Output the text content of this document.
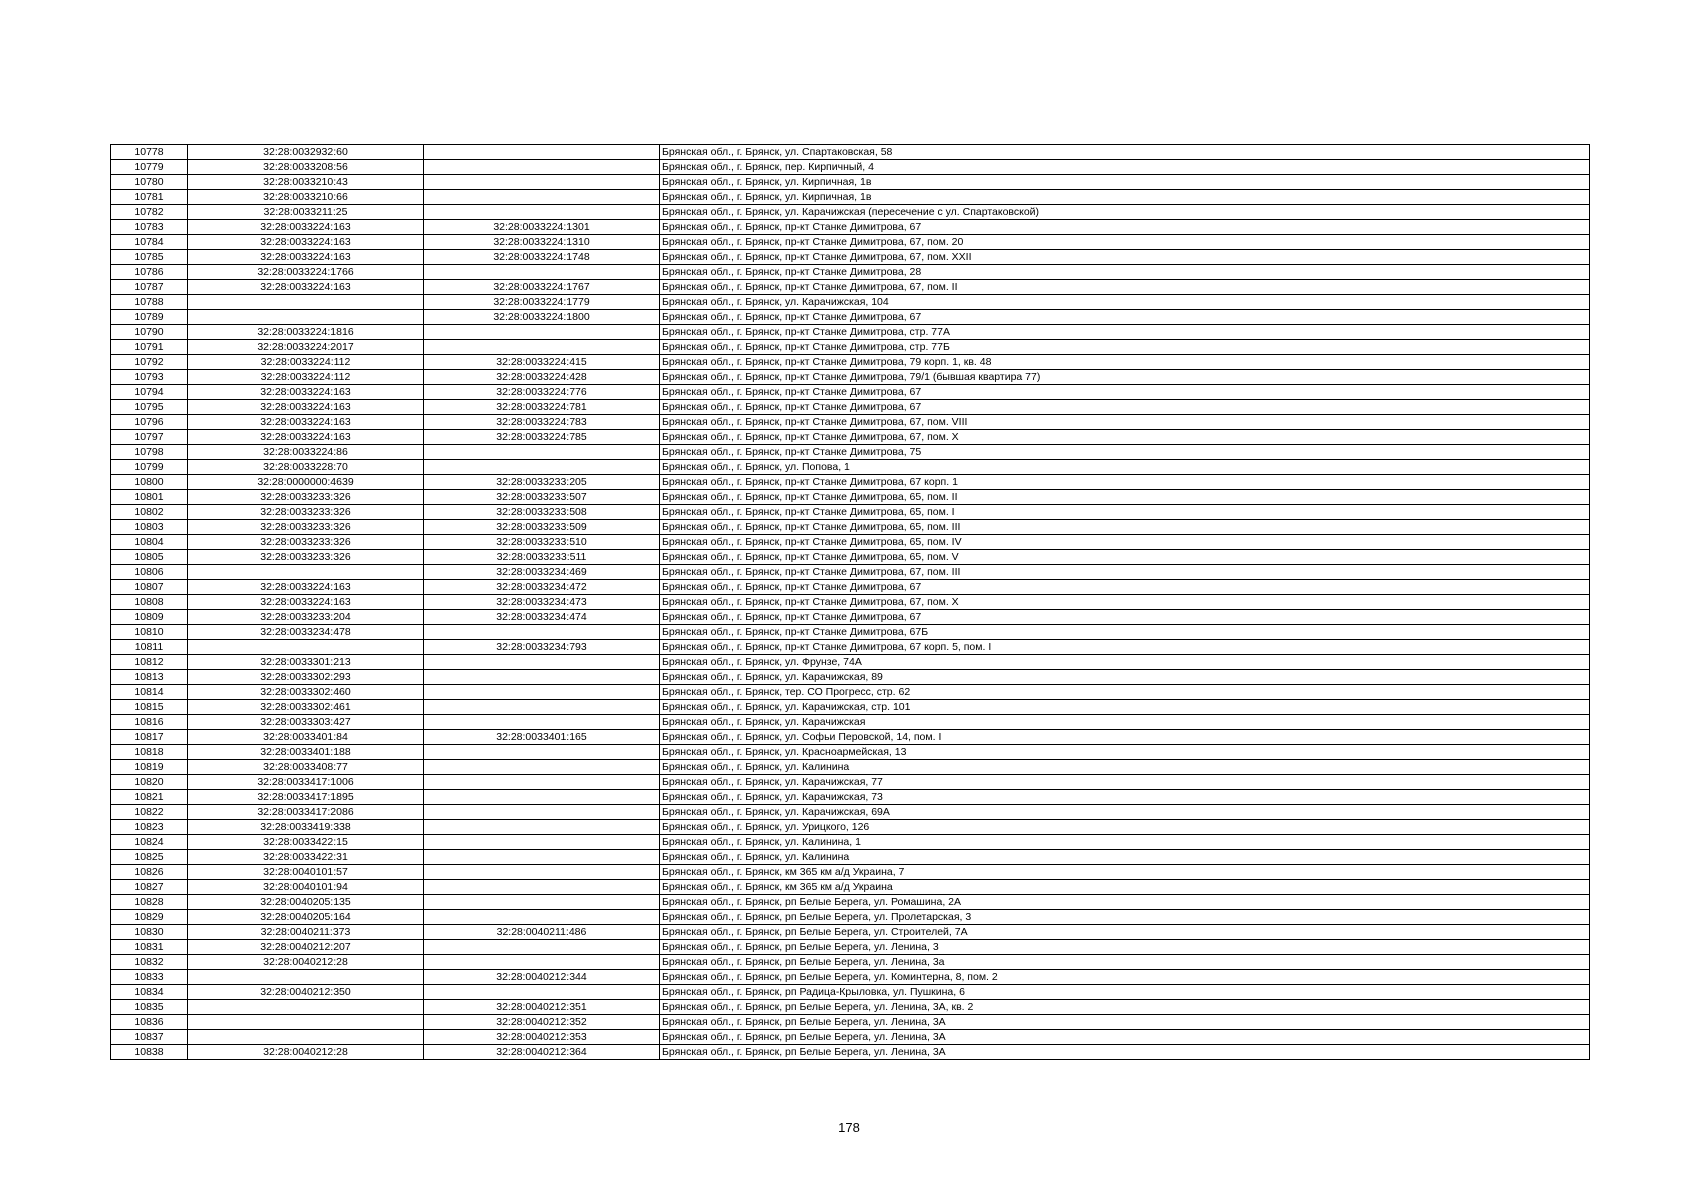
10778	32:28:0032932:60		Брянская обл., г. Брянск, ул. Спартаковская, 58
10779	32:28:0033208:56		Брянская обл., г. Брянск, пер. Кирпичный, 4
10780	32:28:0033210:43		Брянская обл., г. Брянск, ул. Кирпичная, 1в
10781	32:28:0033210:66		Брянская обл., г. Брянск, ул. Кирпичная, 1в
10782	32:28:0033211:25		Брянская обл., г. Брянск, ул. Карачижская (пересечение с ул. Спартаковской)
10783	32:28:0033224:163	32:28:0033224:1301	Брянская обл., г. Брянск, пр-кт Станке Димитрова, 67
10784	32:28:0033224:163	32:28:0033224:1310	Брянская обл., г. Брянск, пр-кт Станке Димитрова, 67, пом. 20
10785	32:28:0033224:163	32:28:0033224:1748	Брянская обл., г. Брянск, пр-кт Станке Димитрова, 67, пом. XXII
10786	32:28:0033224:1766		Брянская обл., г. Брянск, пр-кт Станке Димитрова, 28
10787	32:28:0033224:163	32:28:0033224:1767	Брянская обл., г. Брянск, пр-кт Станке Димитрова, 67, пом. II
10788		32:28:0033224:1779	Брянская обл., г. Брянск, ул. Карачижская, 104
10789		32:28:0033224:1800	Брянская обл., г. Брянск, пр-кт Станке Димитрова, 67
10790	32:28:0033224:1816		Брянская обл., г. Брянск, пр-кт Станке Димитрова, стр. 77А
10791	32:28:0033224:2017		Брянская обл., г. Брянск, пр-кт Станке Димитрова, стр. 77Б
10792	32:28:0033224:112	32:28:0033224:415	Брянская обл., г. Брянск, пр-кт Станке Димитрова, 79 корп. 1, кв. 48
10793	32:28:0033224:112	32:28:0033224:428	Брянская обл., г. Брянск, пр-кт Станке Димитрова, 79/1 (бывшая квартира 77)
10794	32:28:0033224:163	32:28:0033224:776	Брянская обл., г. Брянск, пр-кт Станке Димитрова, 67
10795	32:28:0033224:163	32:28:0033224:781	Брянская обл., г. Брянск, пр-кт Станке Димитрова, 67
10796	32:28:0033224:163	32:28:0033224:783	Брянская обл., г. Брянск, пр-кт Станке Димитрова, 67, пом. VIII
10797	32:28:0033224:163	32:28:0033224:785	Брянская обл., г. Брянск, пр-кт Станке Димитрова, 67, пом. X
10798	32:28:0033224:86		Брянская обл., г. Брянск, пр-кт Станке Димитрова, 75
10799	32:28:0033228:70		Брянская обл., г. Брянск, ул. Попова, 1
10800	32:28:0000000:4639	32:28:0033233:205	Брянская обл., г. Брянск, пр-кт Станке Димитрова, 67 корп. 1
10801	32:28:0033233:326	32:28:0033233:507	Брянская обл., г. Брянск, пр-кт Станке Димитрова, 65, пом. II
10802	32:28:0033233:326	32:28:0033233:508	Брянская обл., г. Брянск, пр-кт Станке Димитрова, 65, пом. I
10803	32:28:0033233:326	32:28:0033233:509	Брянская обл., г. Брянск, пр-кт Станке Димитрова, 65, пом. III
10804	32:28:0033233:326	32:28:0033233:510	Брянская обл., г. Брянск, пр-кт Станке Димитрова, 65, пом. IV
10805	32:28:0033233:326	32:28:0033233:511	Брянская обл., г. Брянск, пр-кт Станке Димитрова, 65, пом. V
10806		32:28:0033234:469	Брянская обл., г. Брянск, пр-кт Станке Димитрова, 67, пом. III
10807	32:28:0033224:163	32:28:0033234:472	Брянская обл., г. Брянск, пр-кт Станке Димитрова, 67
10808	32:28:0033224:163	32:28:0033234:473	Брянская обл., г. Брянск, пр-кт Станке Димитрова, 67, пом. X
10809	32:28:0033233:204	32:28:0033234:474	Брянская обл., г. Брянск, пр-кт Станке Димитрова, 67
10810	32:28:0033234:478		Брянская обл., г. Брянск, пр-кт Станке Димитрова, 67Б
10811		32:28:0033234:793	Брянская обл., г. Брянск, пр-кт Станке Димитрова, 67 корп. 5, пом. I
10812	32:28:0033301:213		Брянская обл., г. Брянск, ул. Фрунзе, 74А
10813	32:28:0033302:293		Брянская обл., г. Брянск, ул. Карачижская, 89
10814	32:28:0033302:460		Брянская обл., г. Брянск, тер. СО Прогресс, стр. 62
10815	32:28:0033302:461		Брянская обл., г. Брянск, ул. Карачижская, стр. 101
10816	32:28:0033303:427		Брянская обл., г. Брянск, ул. Карачижская
10817	32:28:0033401:84	32:28:0033401:165	Брянская обл., г. Брянск, ул. Софьи Перовской, 14, пом. I
10818	32:28:0033401:188		Брянская обл., г. Брянск, ул. Красноармейская, 13
10819	32:28:0033408:77		Брянская обл., г. Брянск, ул. Калинина
10820	32:28:0033417:1006		Брянская обл., г. Брянск, ул. Карачижская, 77
10821	32:28:0033417:1895		Брянская обл., г. Брянск, ул. Карачижская, 73
10822	32:28:0033417:2086		Брянская обл., г. Брянск, ул. Карачижская, 69А
10823	32:28:0033419:338		Брянская обл., г. Брянск, ул. Урицкого, 126
10824	32:28:0033422:15		Брянская обл., г. Брянск, ул. Калинина, 1
10825	32:28:0033422:31		Брянская обл., г. Брянск, ул. Калинина
10826	32:28:0040101:57		Брянская обл., г. Брянск, км 365 км а/д Украина, 7
10827	32:28:0040101:94		Брянская обл., г. Брянск, км 365 км а/д Украина
10828	32:28:0040205:135		Брянская обл., г. Брянск, рп Белые Берега, ул. Ромашина, 2А
10829	32:28:0040205:164		Брянская обл., г. Брянск, рп Белые Берега, ул. Пролетарская, 3
10830	32:28:0040211:373	32:28:0040211:486	Брянская обл., г. Брянск, рп Белые Берега, ул. Строителей, 7А
10831	32:28:0040212:207		Брянская обл., г. Брянск, рп Белые Берега, ул. Ленина, 3
10832	32:28:0040212:28		Брянская обл., г. Брянск, рп Белые Берега, ул. Ленина, 3а
10833		32:28:0040212:344	Брянская обл., г. Брянск, рп Белые Берега, ул. Коминтерна, 8, пом. 2
10834	32:28:0040212:350		Брянская обл., г. Брянск, рп Радица-Крыловка, ул. Пушкина, 6
10835		32:28:0040212:351	Брянская обл., г. Брянск, рп Белые Берега, ул. Ленина, 3А, кв. 2
10836		32:28:0040212:352	Брянская обл., г. Брянск, рп Белые Берега, ул. Ленина, 3А
10837		32:28:0040212:353	Брянская обл., г. Брянск, рп Белые Берега, ул. Ленина, 3А
10838	32:28:0040212:28	32:28:0040212:364	Брянская обл., г. Брянск, рп Белые Берега, ул. Ленина, 3А
178
